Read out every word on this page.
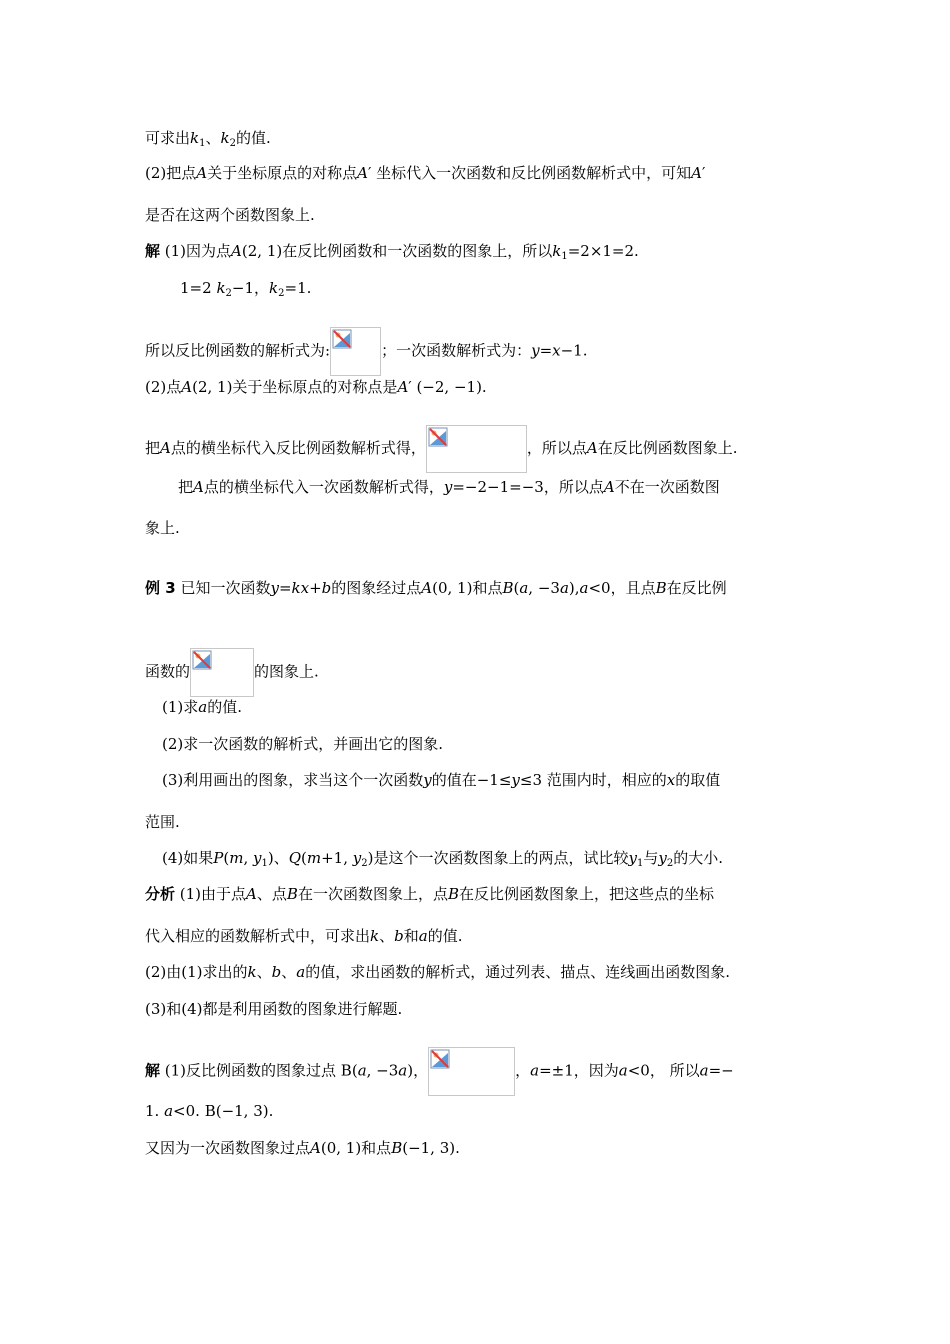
可求出$k_1$、$k_2$的值.
(2)把点A关于坐标原点的对称点A′ 坐标代入一次函数和反比例函数解析式中，可知A′
是否在这两个函数图象上.
解 (1)因为点A(2, 1)在反比例函数和一次函数的图象上，所以$k_1=2\times 1=2$.
1=2 $k_2-1$，$k_2=1$.
所以反比例函数的解析式为:	；一次函数解析式为：y=x−1.
(2)点A(2, 1)关于坐标原点的对称点是A′ (−2, −1).
把A点的横坐标代入反比例函数解析式得，	，所以点A在反比例函数图象上.
把A点的横坐标代入一次函数解析式得，y=−2−1=−3，所以点A不在一次函数图
象上.
例 3 已知一次函数y=kx+b的图象经过点A(0, 1)和点B(a, −3a),a<0，且点B在反比例
函数的	的图象上.
(1)求a的值.
(2)求一次函数的解析式，并画出它的图象.
(3)利用画出的图象，求当这个一次函数y的值在−1≤y≤3 范围内时，相应的x的取值
范围.
(4)如果P(m, $y_1$)、Q(m+1, $y_2$)是这个一次函数图象上的两点，试比较$y_1$与$y_2$的大小.
分析 (1)由于点A、点B在一次函数图象上，点B在反比例函数图象上，把这些点的坐标
代入相应的函数解析式中，可求出k、b和a的值.
(2)由(1)求出的k、b、a的值，求出函数的解析式，通过列表、描点、连线画出函数图象.
(3)和(4)都是利用函数的图象进行解题.
解 (1)反比例函数的图象过点 B(a, −3a)，	，a=±1，因为a<0， 所以a=−
1. a<0. B(−1, 3).
又因为一次函数图象过点A(0, 1)和点B(−1, 3).
